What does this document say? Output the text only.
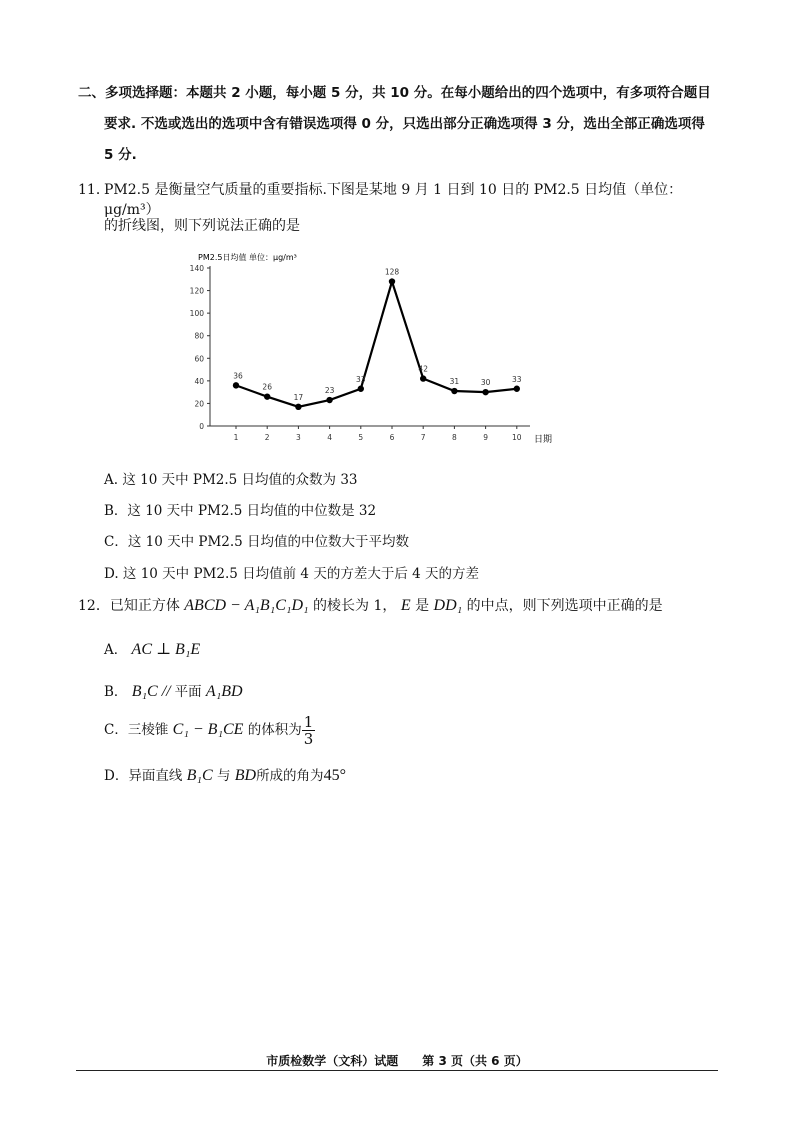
二、多项选择题：本题共 2 小题，每小题 5 分，共 10 分。在每小题给出的四个选项中，有多项符合题目
要求. 不选或选出的选项中含有错误选项得 0 分，只选出部分正确选项得 3 分，选出全部正确选项得
5 分.
11．
PM2.5 是衡量空气质量的重要指标.下图是某地 9 月 1 日到 10 日的 PM2.5 日均值（单位：μg/m³）
的折线图，则下列说法正确的是
PM2.5日均值 单位：μg/m³
日期
0
20
40
60
80
100
120
140
1	2	3	4	5	6	7	8	9	10
36
26
17
23
33
128
42
31	30	33
A. 这 10 天中 PM2.5 日均值的众数为 33
B．这 10 天中 PM2.5 日均值的中位数是 32
C．这 10 天中 PM2.5 日均值的中位数大于平均数
D. 这 10 天中 PM2.5 日均值前 4 天的方差大于后 4 天的方差
12．已知正方体 ABCD − A₁B₁C₁D₁ 的棱长为 1， E 是 DD₁ 的中点，则下列选项中正确的是
A． AC ⊥ B₁E
B． B₁C // 平面 A₁BD
C．三棱锥 C₁ − B₁CE 的体积为 $\frac{1}{3}$
D．异面直线 B₁C 与 BD所成的角为45°
市质检数学（文科）试题　　第 3 页（共 6 页）
